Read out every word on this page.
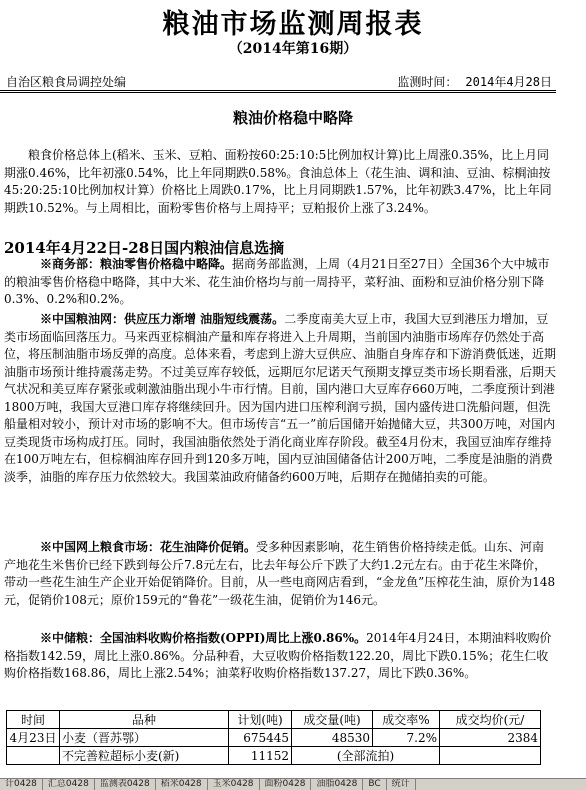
粮油市场监测周报表
（2014年第16期）
自治区粮食局调控处编	监测时间： 2014年4月28日
粮油价格稳中略降
粮食价格总体上(稻米、玉米、豆粕、面粉按60:25:10:5比例加权计算)比上周涨0.35%，比上月同期涨0.46%，比年初涨0.54%，比上年同期跌0.58%。食油总体上（花生油、调和油、豆油、棕榈油按45:20:25:10比例加权计算）价格比上周跌0.17%，比上月同期跌1.57%，比年初跌3.47%，比上年同期跌10.52%。与上周相比，面粉零售价格与上周持平；豆粕报价上涨了3.24%。
2014年4月22日-28日国内粮油信息选摘
※商务部：粮油零售价格稳中略降。据商务部监测，上周（4月21日至27日）全国36个大中城市的粮油零售价格稳中略降，其中大米、花生油价格均与前一周持平，菜籽油、面粉和豆油价格分别下降0.3%、0.2%和0.2%。
※中国粮油网：供应压力渐增 油脂短线震荡。二季度南美大豆上市，我国大豆到港压力增加，豆类市场面临回落压力。马来西亚棕榈油产量和库存将进入上升周期，当前国内油脂市场库存仍然处于高位，将压制油脂市场反弹的高度。总体来看，考虑到上游大豆供应、油脂自身库存和下游消费低迷，近期油脂市场预计维持震荡走势。不过美豆库存较低，远期厄尔尼诺天气预期支撑豆类市场长期看涨，后期天气状况和美豆库存紧张或刺激油脂出现小牛市行情。目前，国内港口大豆库存660万吨，二季度预计到港1800万吨，我国大豆港口库存将继续回升。因为国内进口压榨利润亏损，国内盛传进口洗船问题，但洗船量相对较小，预计对市场的影响不大。但市场传言“五一”前后国储开始抛储大豆，共300万吨，对国内豆类现货市场构成打压。同时，我国油脂依然处于消化商业库存阶段。截至4月份末，我国豆油库存维持在100万吨左右，但棕榈油库存回升到120多万吨，国内豆油国储备估计200万吨，二季度是油脂的消费淡季，油脂的库存压力依然较大。我国菜油政府储备约600万吨，后期存在抛储拍卖的可能。
※中国网上粮食市场：花生油降价促销。受多种因素影响，花生销售价格持续走低。山东、河南产地花生米售价已经下跌到每公斤7.8元左右，比去年每公斤下跌了大约1.2元左右。由于花生米降价，带动一些花生油生产企业开始促销降价。目前，从一些电商网店看到，“金龙鱼”压榨花生油，原价为148元，促销价108元；原价159元的“鲁花”一级花生油，促销价为146元。
※中储粮：全国油料收购价格指数(OPPI)周比上涨0.86%。2014年4月24日，本期油料收购价格指数142.59，周比上涨0.86%。分品种看，大豆收购价格指数122.20，周比下跌0.15%；花生仁收购价格指数168.86，周比上涨2.54%；油菜籽收购价格指数137.27，周比下跌0.36%。
时间	品种	计划(吨)	成交量(吨)	成交率%	成交均价(元/
4月23日	小麦（晋苏鄂）	675445	48530	7.2%	2384
	不完善粒超标小麦(新)	11152	(全部流拍)		
计0428 汇总0428 监测表0428 稻米0428 玉米0428 面粉0428 油脂0428 BC 统计
